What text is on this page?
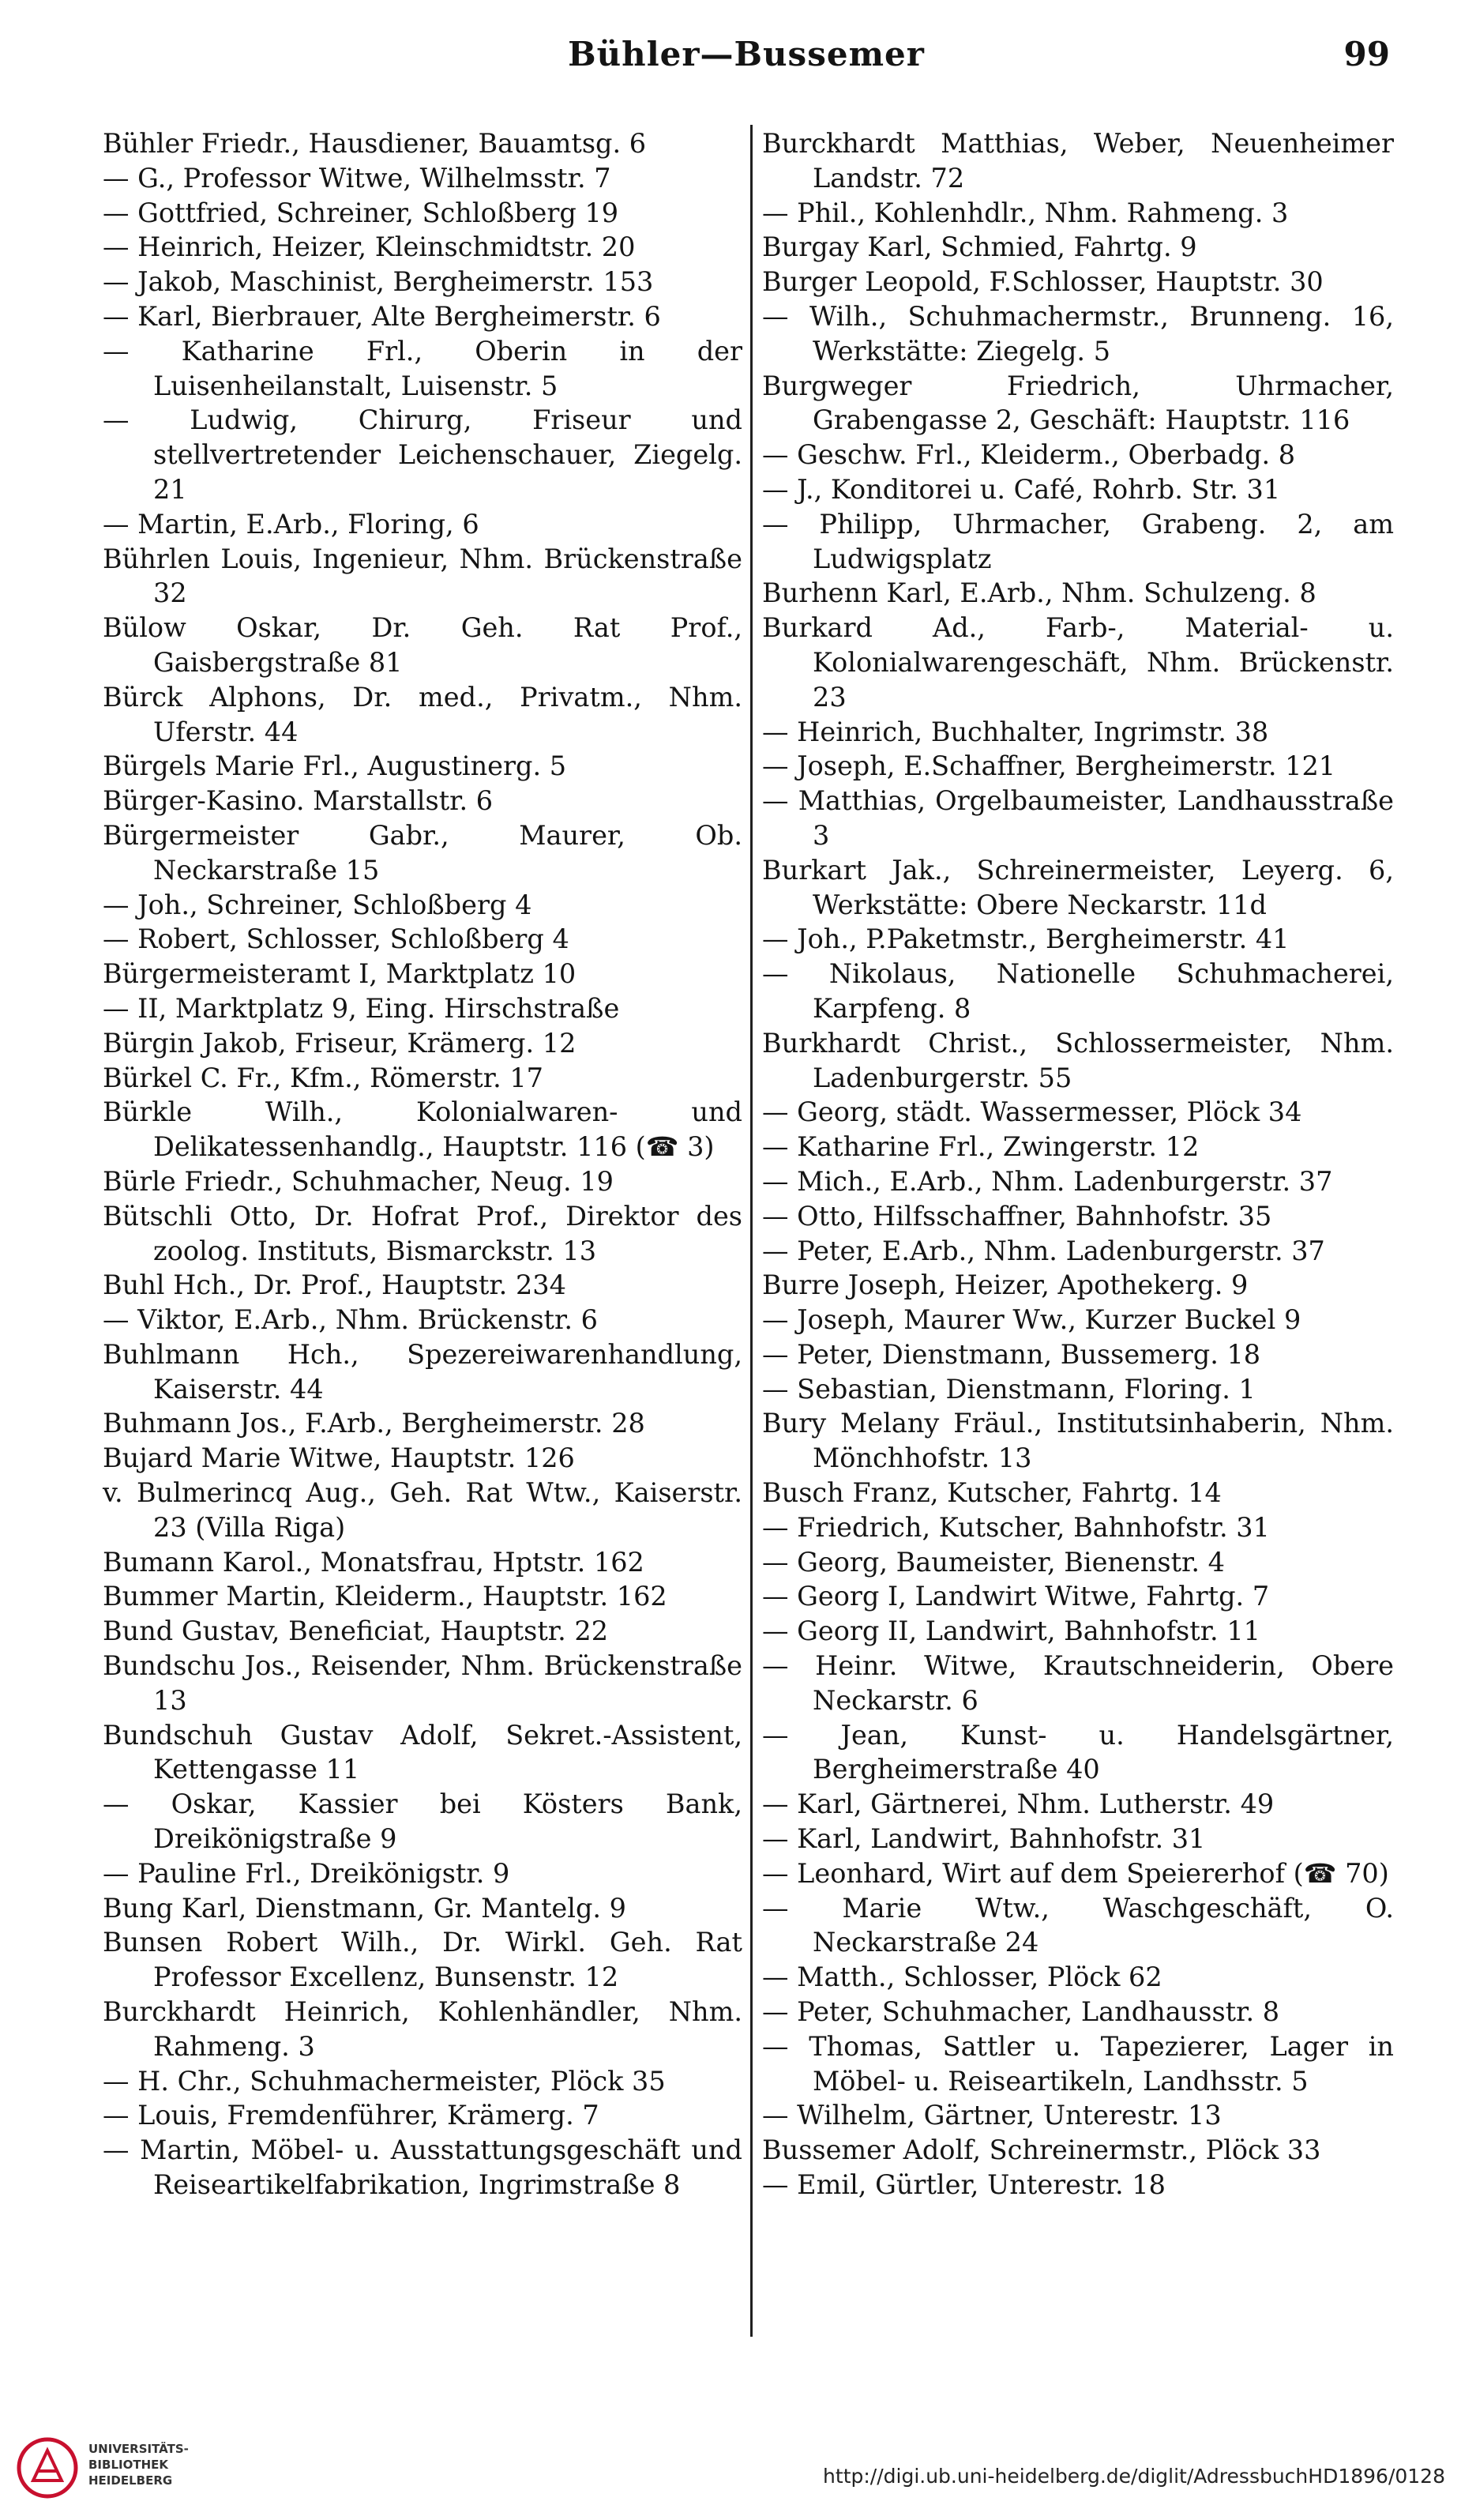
Bühler—Bussemer	99
Bühler Friedr., Hausdiener, Bauamtsg. 6
— G., Professor Witwe, Wilhelmsstr. 7
— Gottfried, Schreiner, Schloßberg 19
— Heinrich, Heizer, Kleinschmidtstr. 20
— Jakob, Maschinist, Bergheimerstr. 153
— Karl, Bierbrauer, Alte Bergheimerstr. 6
— Katharine Frl., Oberin in der Luisenheilanstalt, Luisenstr. 5
— Ludwig, Chirurg, Friseur und stellvertretender Leichenschauer, Ziegelg. 21
— Martin, E.Arb., Floring, 6
Bührlen Louis, Ingenieur, Nhm. Brückenstraße 32
Bülow Oskar, Dr. Geh. Rat Prof., Gaisbergstraße 81
Bürck Alphons, Dr. med., Privatm., Nhm. Uferstr. 44
Bürgels Marie Frl., Augustinerg. 5
Bürger-Kasino. Marstallstr. 6
Bürgermeister Gabr., Maurer, Ob. Neckarstraße 15
— Joh., Schreiner, Schloßberg 4
— Robert, Schlosser, Schloßberg 4
Bürgermeisteramt I, Marktplatz 10
— II, Marktplatz 9, Eing. Hirschstraße
Bürgin Jakob, Friseur, Krämerg. 12
Bürkel C. Fr., Kfm., Römerstr. 17
Bürkle Wilh., Kolonialwaren- und Delikatessenhandlg., Hauptstr. 116 (☎ 3)
Bürle Friedr., Schuhmacher, Neug. 19
Bütschli Otto, Dr. Hofrat Prof., Direktor des zoolog. Instituts, Bismarckstr. 13
Buhl Hch., Dr. Prof., Hauptstr. 234
— Viktor, E.Arb., Nhm. Brückenstr. 6
Buhlmann Hch., Spezereiwarenhandlung, Kaiserstr. 44
Buhmann Jos., F.Arb., Bergheimerstr. 28
Bujard Marie Witwe, Hauptstr. 126
v. Bulmerincq Aug., Geh. Rat Wtw., Kaiserstr. 23 (Villa Riga)
Bumann Karol., Monatsfrau, Hptstr. 162
Bummer Martin, Kleiderm., Hauptstr. 162
Bund Gustav, Beneficiat, Hauptstr. 22
Bundschu Jos., Reisender, Nhm. Brückenstraße 13
Bundschuh Gustav Adolf, Sekret.-Assistent, Kettengasse 11
— Oskar, Kassier bei Kösters Bank, Dreikönigstraße 9
— Pauline Frl., Dreikönigstr. 9
Bung Karl, Dienstmann, Gr. Mantelg. 9
Bunsen Robert Wilh., Dr. Wirkl. Geh. Rat Professor Excellenz, Bunsenstr. 12
Burckhardt Heinrich, Kohlenhändler, Nhm. Rahmeng. 3
— H. Chr., Schuhmachermeister, Plöck 35
— Louis, Fremdenführer, Krämerg. 7
— Martin, Möbel- u. Ausstattungsgeschäft und Reiseartikelfabrikation, Ingrimstraße 8
Burckhardt Matthias, Weber, Neuenheimer Landstr. 72
— Phil., Kohlenhdlr., Nhm. Rahmeng. 3
Burgay Karl, Schmied, Fahrtg. 9
Burger Leopold, F.Schlosser, Hauptstr. 30
— Wilh., Schuhmachermstr., Brunneng. 16, Werkstätte: Ziegelg. 5
Burgweger Friedrich, Uhrmacher, Grabengasse 2, Geschäft: Hauptstr. 116
— Geschw. Frl., Kleiderm., Oberbadg. 8
— J., Konditorei u. Café, Rohrb. Str. 31
— Philipp, Uhrmacher, Grabeng. 2, am Ludwigsplatz
Burhenn Karl, E.Arb., Nhm. Schulzeng. 8
Burkard Ad., Farb-, Material- u. Kolonialwarengeschäft, Nhm. Brückenstr. 23
— Heinrich, Buchhalter, Ingrimstr. 38
— Joseph, E.Schaffner, Bergheimerstr. 121
— Matthias, Orgelbaumeister, Landhausstraße 3
Burkart Jak., Schreinermeister, Leyerg. 6, Werkstätte: Obere Neckarstr. 11d
— Joh., P.Paketmstr., Bergheimerstr. 41
— Nikolaus, Nationelle Schuhmacherei, Karpfeng. 8
Burkhardt Christ., Schlossermeister, Nhm. Ladenburgerstr. 55
— Georg, städt. Wassermesser, Plöck 34
— Katharine Frl., Zwingerstr. 12
— Mich., E.Arb., Nhm. Ladenburgerstr. 37
— Otto, Hilfsschaffner, Bahnhofstr. 35
— Peter, E.Arb., Nhm. Ladenburgerstr. 37
Burre Joseph, Heizer, Apothekerg. 9
— Joseph, Maurer Ww., Kurzer Buckel 9
— Peter, Dienstmann, Bussemerg. 18
— Sebastian, Dienstmann, Floring. 1
Bury Melany Fräul., Institutsinhaberin, Nhm. Mönchhofstr. 13
Busch Franz, Kutscher, Fahrtg. 14
— Friedrich, Kutscher, Bahnhofstr. 31
— Georg, Baumeister, Bienenstr. 4
— Georg I, Landwirt Witwe, Fahrtg. 7
— Georg II, Landwirt, Bahnhofstr. 11
— Heinr. Witwe, Krautschneiderin, Obere Neckarstr. 6
— Jean, Kunst- u. Handelsgärtner, Bergheimerstraße 40
— Karl, Gärtnerei, Nhm. Lutherstr. 49
— Karl, Landwirt, Bahnhofstr. 31
— Leonhard, Wirt auf dem Speiererhof (☎ 70)
— Marie Wtw., Waschgeschäft, O. Neckarstraße 24
— Matth., Schlosser, Plöck 62
— Peter, Schuhmacher, Landhausstr. 8
— Thomas, Sattler u. Tapezierer, Lager in Möbel- u. Reiseartikeln, Landhsstr. 5
— Wilhelm, Gärtner, Unterestr. 13
Bussemer Adolf, Schreinermstr., Plöck 33
— Emil, Gürtler, Unterestr. 18
UNIVERSITÄTS-
BIBLIOTHEK
HEIDELBERG	http://digi.ub.uni-heidelberg.de/diglit/AdressbuchHD1896/0128
